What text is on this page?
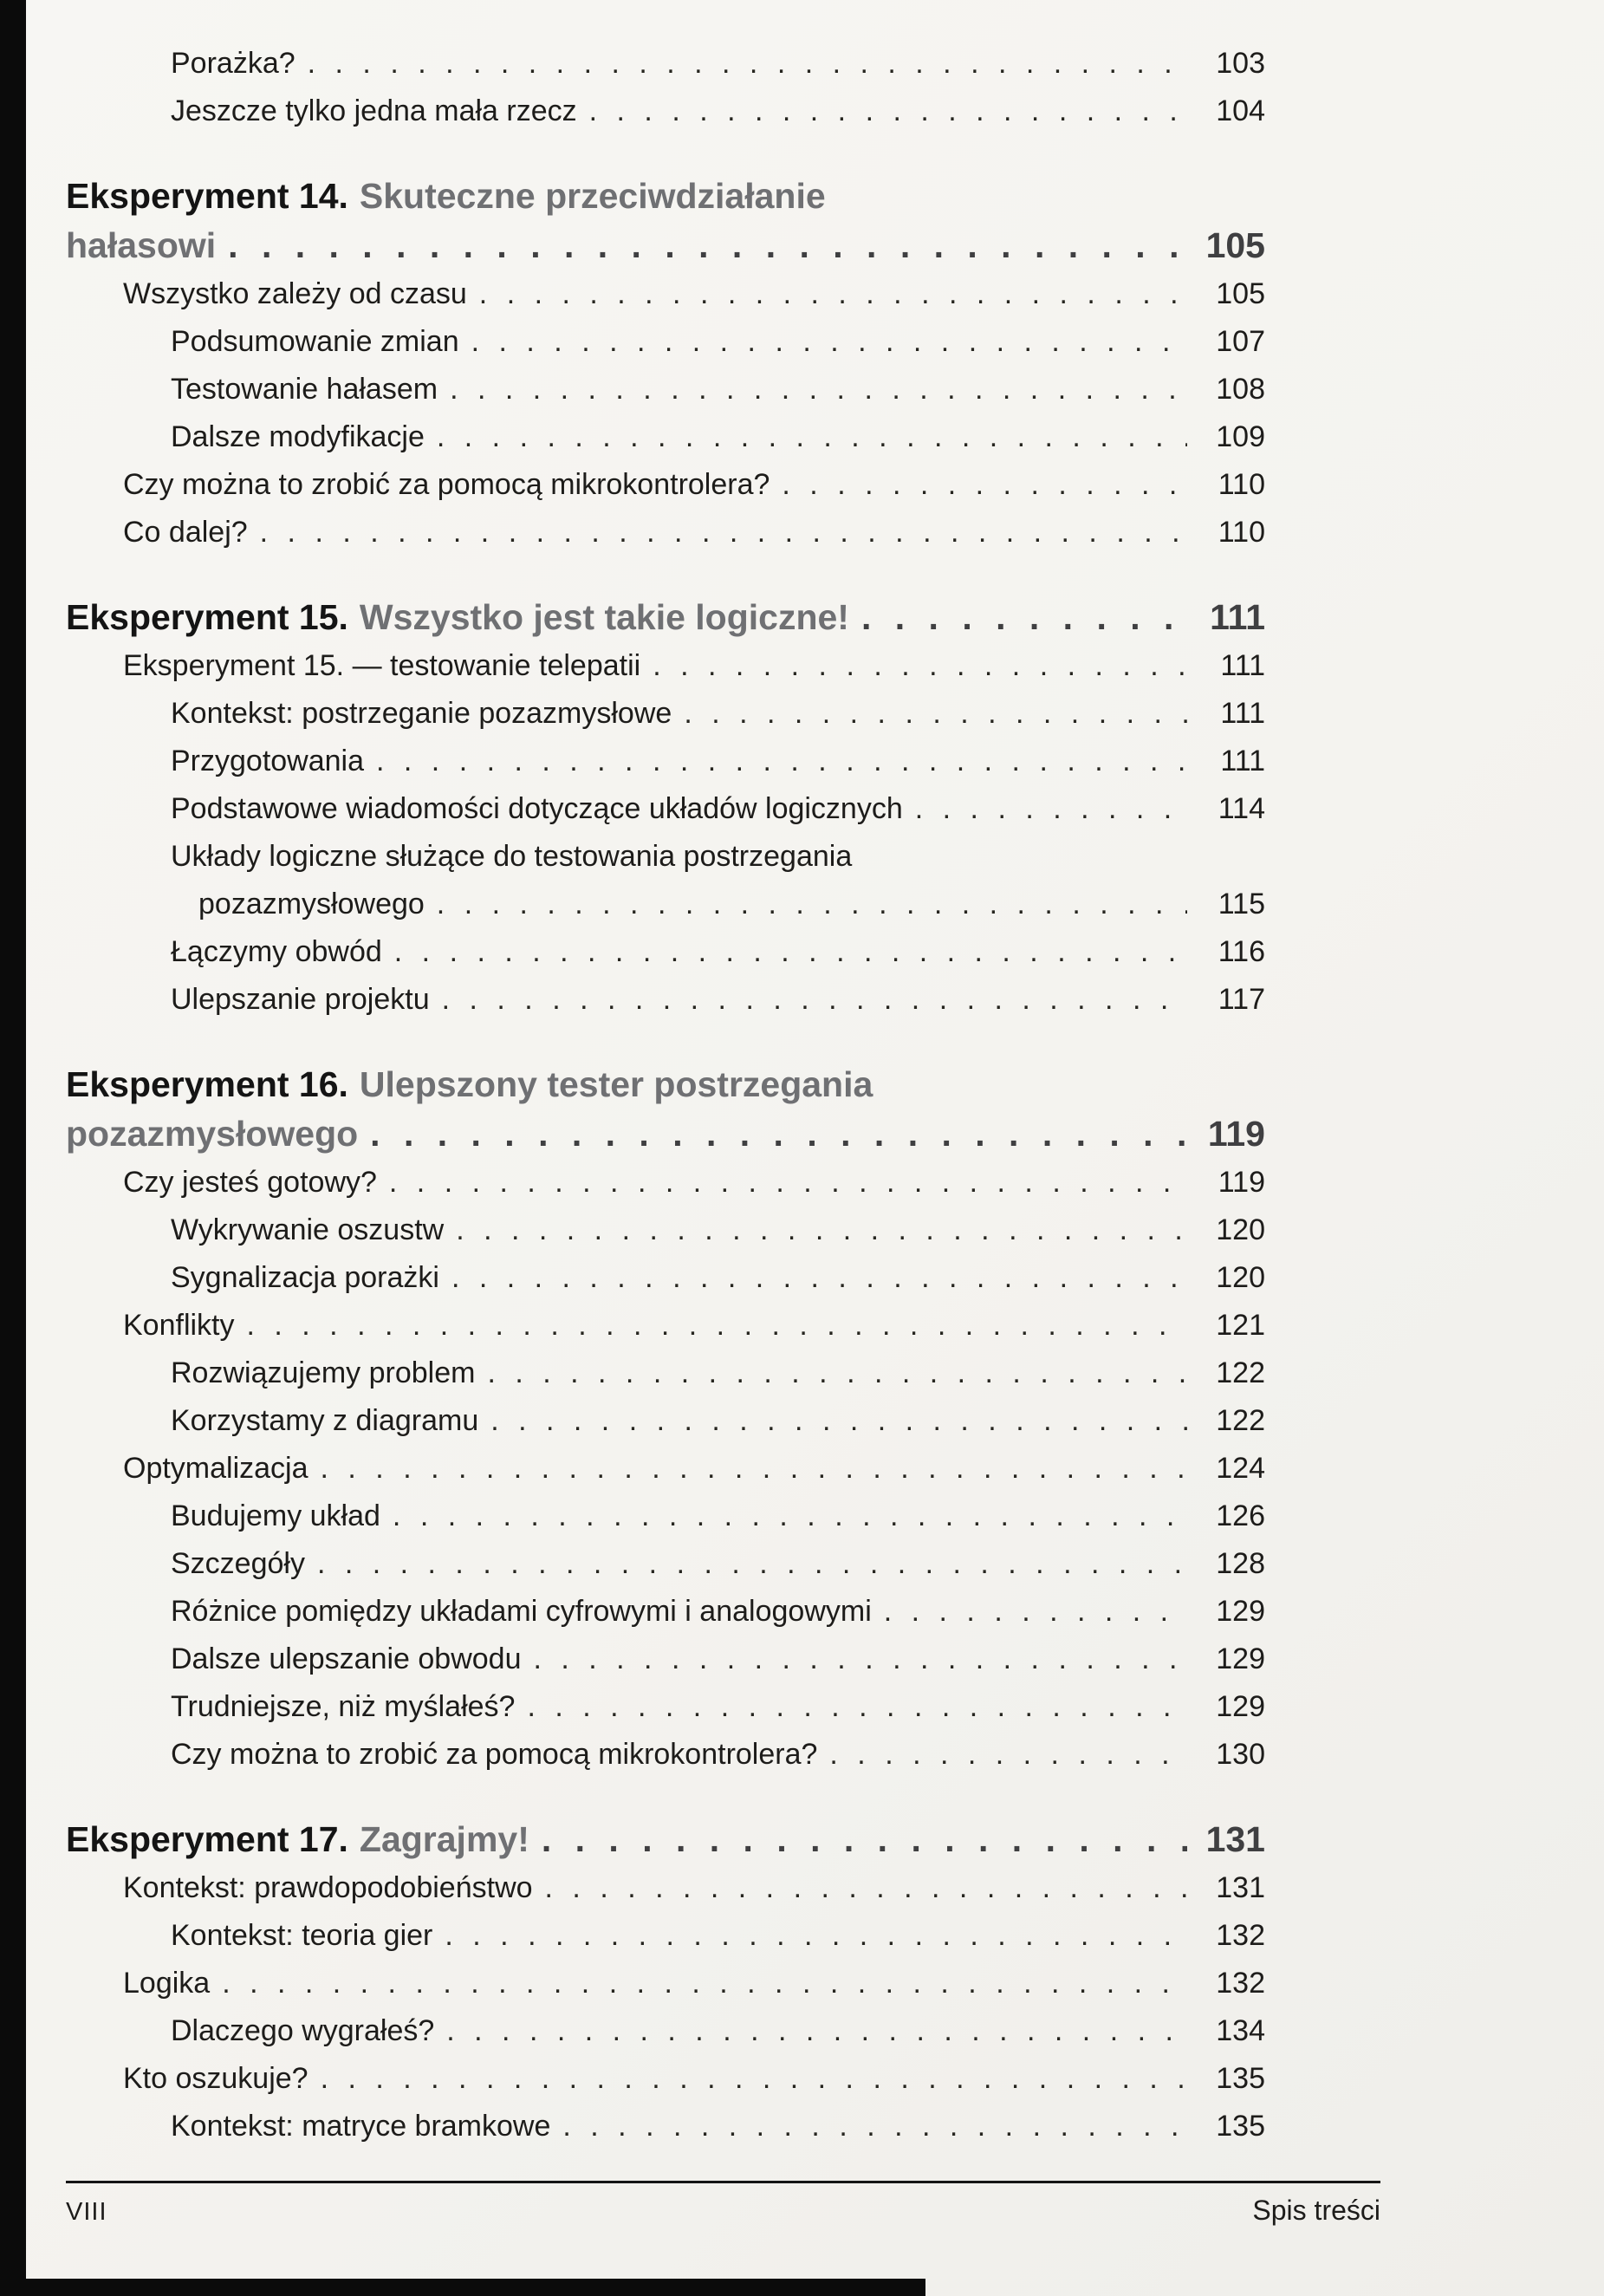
Porażka? . . .	103
Jeszcze tylko jedna mała rzecz . . .	104
Eksperyment 14. Skuteczne przeciwdziałanie
hałasowi . . .	105
Wszystko zależy od czasu . . .	105
Podsumowanie zmian . . .	107
Testowanie hałasem . . .	108
Dalsze modyfikacje . . .	109
Czy można to zrobić za pomocą mikrokontrolera? . . .	110
Co dalej? . . .	110
Eksperyment 15. Wszystko jest takie logiczne! . . .	111
Eksperyment 15. — testowanie telepatii . . .	111
Kontekst: postrzeganie pozazmysłowe . . .	111
Przygotowania . . .	111
Podstawowe wiadomości dotyczące układów logicznych . . .	114
Układy logiczne służące do testowania postrzegania
pozazmysłowego . . .	115
Łączymy obwód . . .	116
Ulepszanie projektu . . .	117
Eksperyment 16. Ulepszony tester postrzegania
pozazmysłowego . . .	119
Czy jesteś gotowy? . . .	119
Wykrywanie oszustw . . .	120
Sygnalizacja porażki . . .	120
Konflikty . . .	121
Rozwiązujemy problem . . .	122
Korzystamy z diagramu . . .	122
Optymalizacja . . .	124
Budujemy układ . . .	126
Szczegóły . . .	128
Różnice pomiędzy układami cyfrowymi i analogowymi . . .	129
Dalsze ulepszanie obwodu . . .	129
Trudniejsze, niż myślałeś? . . .	129
Czy można to zrobić za pomocą mikrokontrolera? . . .	130
Eksperyment 17. Zagrajmy! . . .	131
Kontekst: prawdopodobieństwo . . .	131
Kontekst: teoria gier . . .	132
Logika . . .	132
Dlaczego wygrałeś? . . .	134
Kto oszukuje? . . .	135
Kontekst: matryce bramkowe . . .	135
VIII	Spis treści
